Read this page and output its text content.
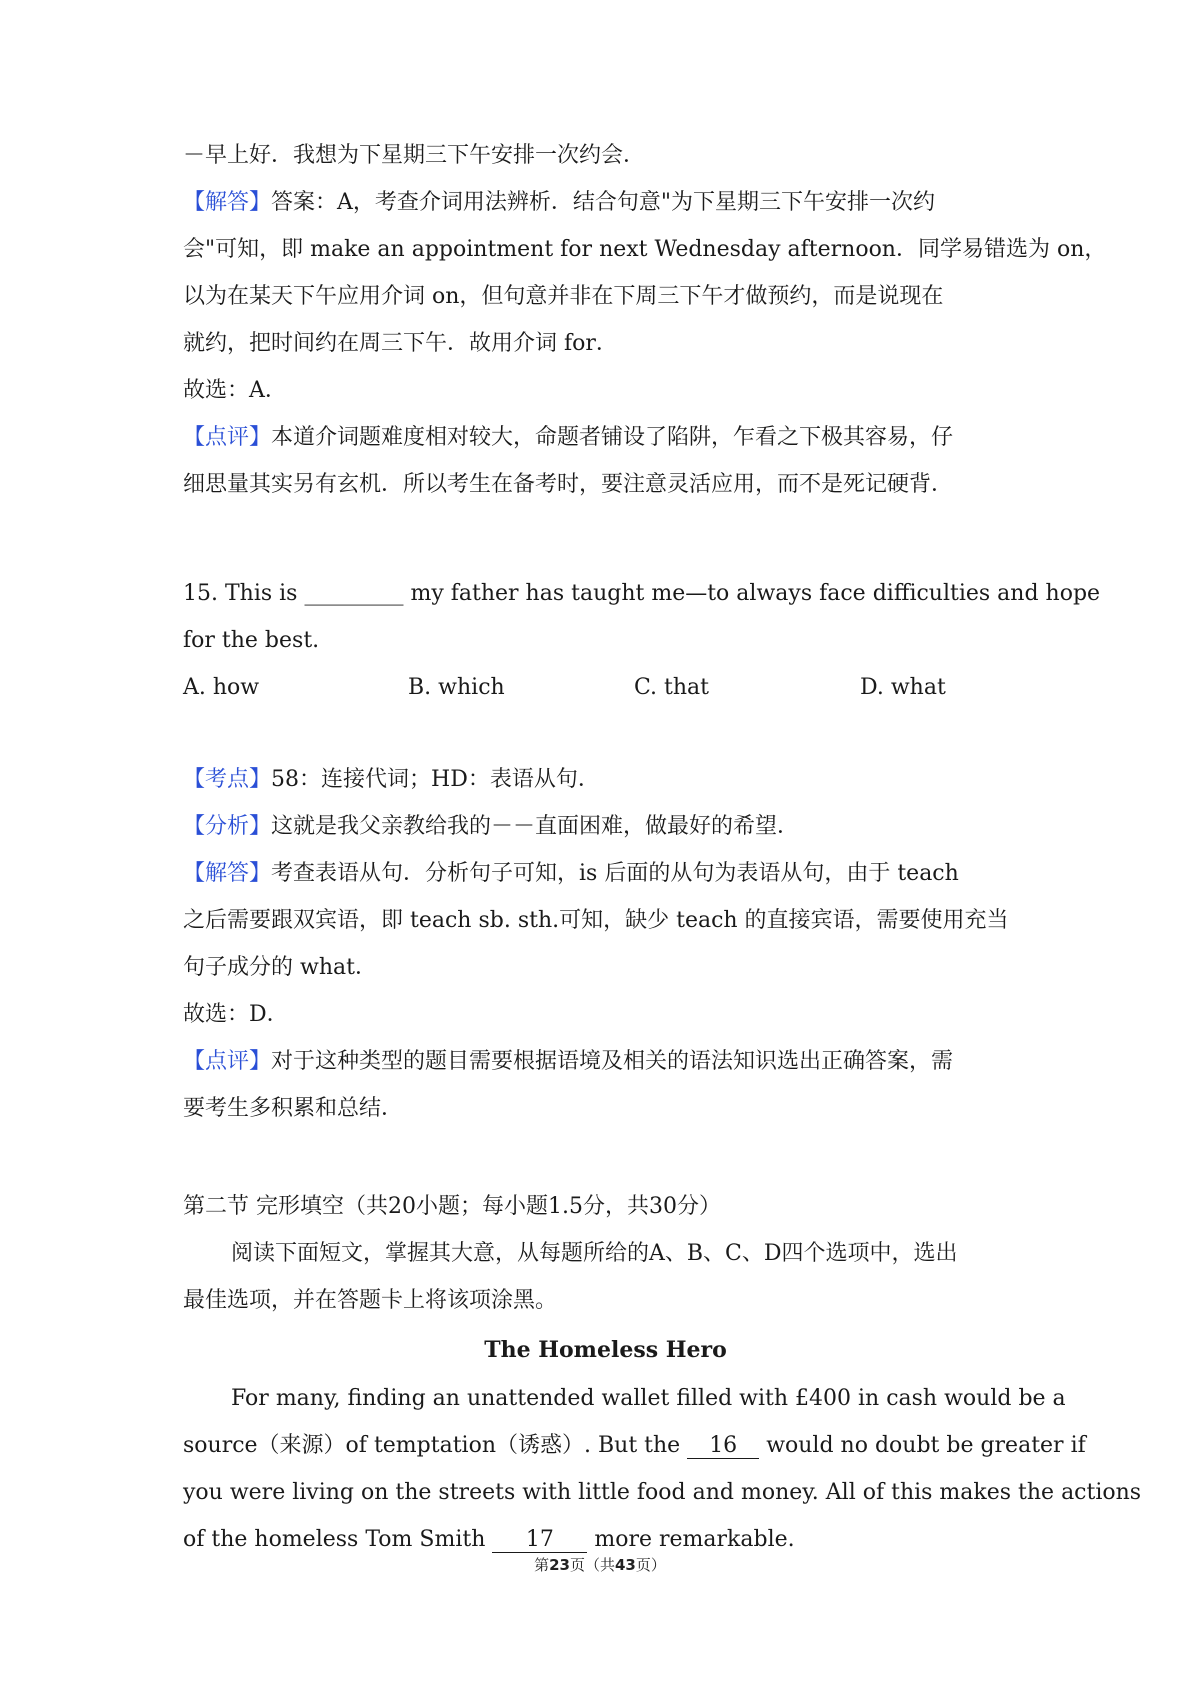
－早上好．我想为下星期三下午安排一次约会．
【解答】答案：A，考查介词用法辨析．结合句意"为下星期三下午安排一次约
会"可知，即 make an appointment for next Wednesday afternoon．同学易错选为 on，
以为在某天下午应用介词 on，但句意并非在下周三下午才做预约，而是说现在
就约，把时间约在周三下午．故用介词 for．
故选：A．
【点评】本道介词题难度相对较大，命题者铺设了陷阱，乍看之下极其容易，仔
细思量其实另有玄机．所以考生在备考时，要注意灵活应用，而不是死记硬背．
15. This is _________ my father has taught me—to always face difficulties and hope
for the best.
A. how	B. which	C. that	D. what
【考点】58：连接代词；HD：表语从句．
【分析】这就是我父亲教给我的－－直面困难，做最好的希望．
【解答】考查表语从句．分析句子可知，is 后面的从句为表语从句，由于 teach
之后需要跟双宾语，即 teach sb. sth.可知，缺少 teach 的直接宾语，需要使用充当
句子成分的 what．
故选：D．
【点评】对于这种类型的题目需要根据语境及相关的语法知识选出正确答案，需
要考生多积累和总结．
第二节 完形填空（共20小题；每小题1.5分，共30分）
阅读下面短文，掌握其大意，从每题所给的A、B、C、D四个选项中，选出
最佳选项，并在答题卡上将该项涂黑。
The Homeless Hero
For many, finding an unattended wallet filled with £400 in cash would be a
source（来源）of temptation（诱惑）. But the 16 would no doubt be greater if
you were living on the streets with little food and money. All of this makes the actions
of the homeless Tom Smith 17 more remarkable.
第23页（共43页）
